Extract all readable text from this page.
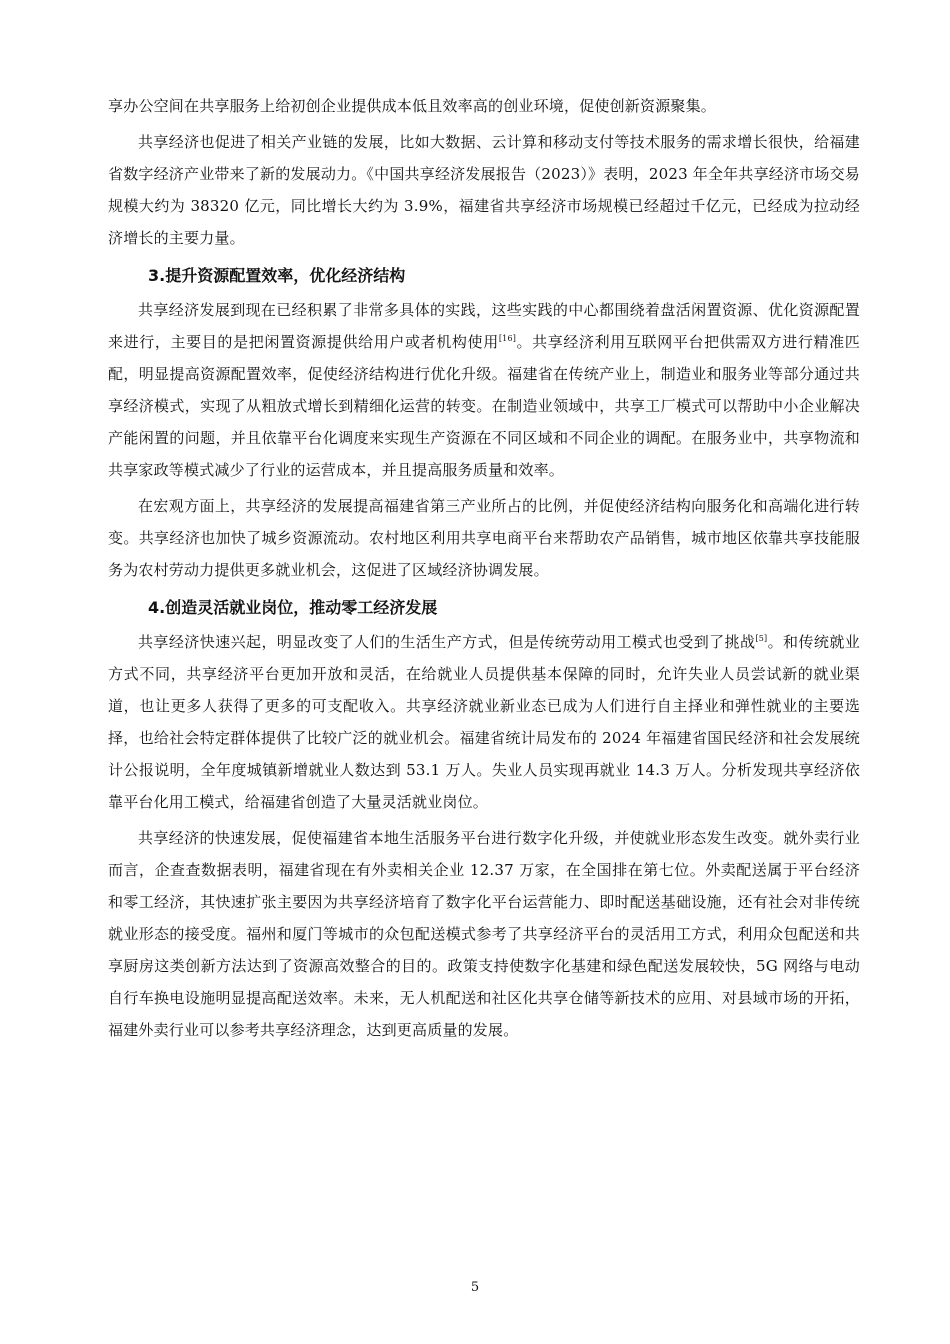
享办公空间在共享服务上给初创企业提供成本低且效率高的创业环境，促使创新资源聚集。

共享经济也促进了相关产业链的发展，比如大数据、云计算和移动支付等技术服务的需求增长很快，给福建省数字经济产业带来了新的发展动力。《中国共享经济发展报告（2023）》表明，2023 年全年共享经济市场交易规模大约为 38320 亿元，同比增长大约为 3.9%，福建省共享经济市场规模已经超过千亿元，已经成为拉动经济增长的主要力量。

3.提升资源配置效率，优化经济结构

共享经济发展到现在已经积累了非常多具体的实践，这些实践的中心都围绕着盘活闲置资源、优化资源配置来进行，主要目的是把闲置资源提供给用户或者机构使用[16]。共享经济利用互联网平台把供需双方进行精准匹配，明显提高资源配置效率，促使经济结构进行优化升级。福建省在传统产业上，制造业和服务业等部分通过共享经济模式，实现了从粗放式增长到精细化运营的转变。在制造业领域中，共享工厂模式可以帮助中小企业解决产能闲置的问题，并且依靠平台化调度来实现生产资源在不同区域和不同企业的调配。在服务业中，共享物流和共享家政等模式减少了行业的运营成本，并且提高服务质量和效率。

在宏观方面上，共享经济的发展提高福建省第三产业所占的比例，并促使经济结构向服务化和高端化进行转变。共享经济也加快了城乡资源流动。农村地区利用共享电商平台来帮助农产品销售，城市地区依靠共享技能服务为农村劳动力提供更多就业机会，这促进了区域经济协调发展。

4.创造灵活就业岗位，推动零工经济发展

共享经济快速兴起，明显改变了人们的生活生产方式，但是传统劳动用工模式也受到了挑战[5]。和传统就业方式不同，共享经济平台更加开放和灵活，在给就业人员提供基本保障的同时，允许失业人员尝试新的就业渠道，也让更多人获得了更多的可支配收入。共享经济就业新业态已成为人们进行自主择业和弹性就业的主要选择，也给社会特定群体提供了比较广泛的就业机会。福建省统计局发布的 2024 年福建省国民经济和社会发展统计公报说明，全年度城镇新增就业人数达到 53.1 万人。失业人员实现再就业 14.3 万人。分析发现共享经济依靠平台化用工模式，给福建省创造了大量灵活就业岗位。

共享经济的快速发展，促使福建省本地生活服务平台进行数字化升级，并使就业形态发生改变。就外卖行业而言，企查查数据表明，福建省现在有外卖相关企业 12.37 万家，在全国排在第七位。外卖配送属于平台经济和零工经济，其快速扩张主要因为共享经济培育了数字化平台运营能力、即时配送基础设施，还有社会对非传统就业形态的接受度。福州和厦门等城市的众包配送模式参考了共享经济平台的灵活用工方式，利用众包配送和共享厨房这类创新方法达到了资源高效整合的目的。政策支持使数字化基建和绿色配送发展较快，5G 网络与电动自行车换电设施明显提高配送效率。未来，无人机配送和社区化共享仓储等新技术的应用、对县域市场的开拓，福建外卖行业可以参考共享经济理念，达到更高质量的发展。

5
